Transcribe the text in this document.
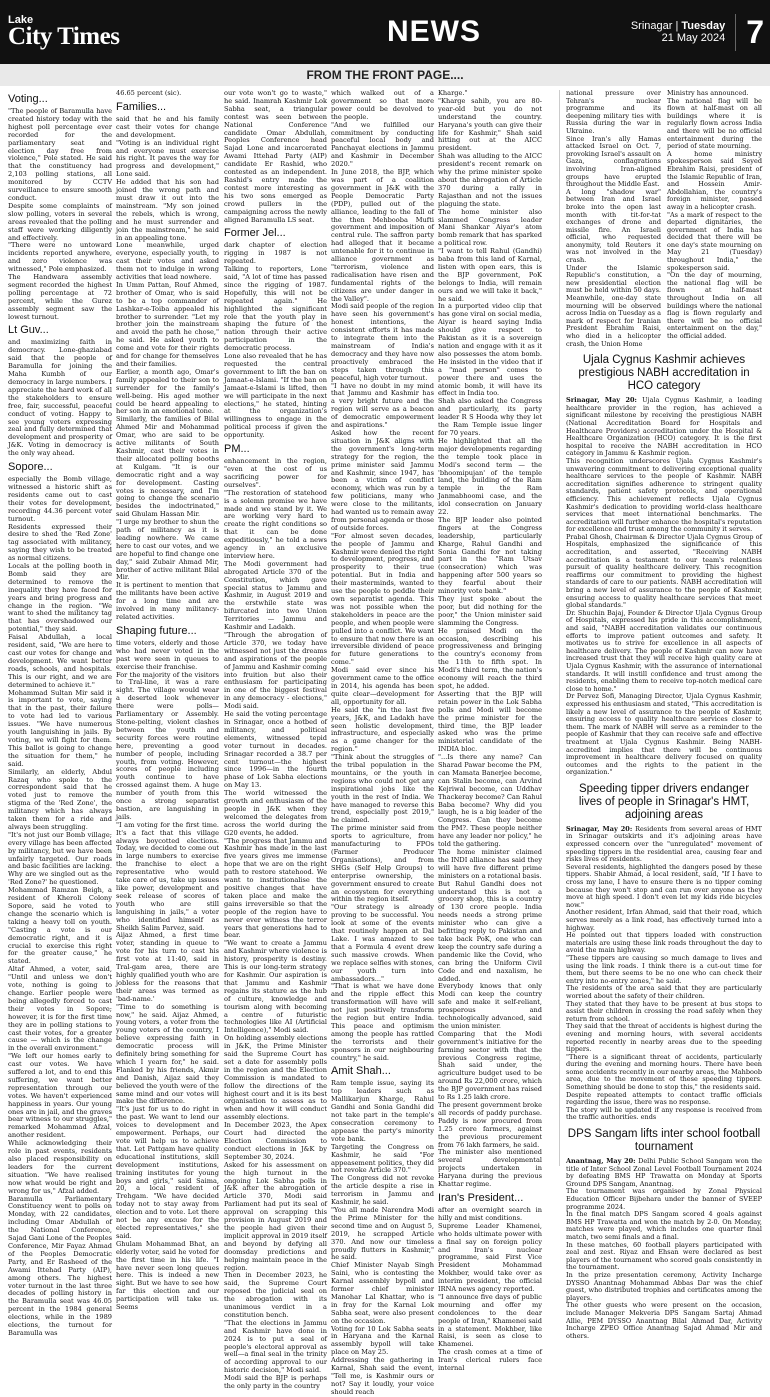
Lake
City Times	NEWS	Srinagar | Tuesday
21 May 2024 7
FROM THE FRONT PAGE....
Voting...

"The people of Baramulla have created history today with the highest poll percentage ever recorded for the parliamentary seat and election day free from violence," Pole stated. He said that the constituency had 2,103 polling stations, all monitored by CCTV surveillance to ensure smooth conduct.

Despite some complaints of slow polling, voters in several areas revealed that the polling staff were working diligently and effectively.

"There were no untoward incidents reported anywhere, and zero violence was witnessed," Pole emphasized.

The Handwara assembly segment recorded the highest polling percentage at 72 percent, while the Gurez assembly segment saw the lowest turnout.

Lt Guv...

and maximizing faith in democracy. Lone-ghaziabad said that the people of Baramulla for joining the Maha Kumbh of our democracy in large numbers. I appreciate the hard work of all the stakeholders to ensure free, fair, successful, peaceful conduct of voting. Happy to see young voters expressing zeal and fully determined that development and prosperity of J&K. Voting in democracy is the only way ahead.

Sopore...

especially the Bomb village, witnessed a historic shift as residents came out to cast their votes for development, recording 44.36 percent voter turnout.

Residents expressed their desire to shed the 'Red Zone' tag associated with militancy, saying they wish to be treated as normal citizens.

Locals at the polling booth in Bomb said they are determined to remove the inequality they have faced for years and bring progress and change in the region. "We want to shed the militancy tag that has overshadowed our potential," they said.

Faisal Abdullah, a local resident, said, "We are here to cast our votes for change and development. We want better roads, schools, and hospitals. This is our right, and we are determined to achieve it."

Mohammad Sultan Mir said it is important to vote, saying that in the past, their failure to vote had led to various issues. "We have numerous youth languishing in jails. By voting, we will fight for them. This ballot is going to change the situation for them," he said.

Similarly, an elderly, Abdul Razaq who spoke to the correspondent said that he voted just to remove the stigma of the 'Red Zone', the militancy which has always taken them for a ride and always been struggling.

"It's not just our Bomb village; every village has been affected by militancy, but we have been unfairly targeted. Our roads and basic facilities are lacking. Why are we singled out as the 'Red Zone?' he questioned.

Mohammad Ramzan Beigh, a resident of Kheroli Colony Sopore, said he voted to change the scenario which is taking a heavy toll on youth. "Casting a vote is our democratic right, and it is crucial to exercise this right for the greater cause," he stated.

Altaf Ahmed, a voter, said, "Until and unless we don't vote, nothing is going to change. Earlier people were being allegedly forced to cast their votes in Sopore; however, it is for the first time they are in polling stations to cast their votes, for a greater cause — which is the change in the overall environment."

"We left our homes early to cast our votes. We have suffered a lot, and to end this suffering, we want better representation through our votes. We haven't experienced happiness in years. Our young ones are in jail, and the graves bear witness to our struggles," remarked Mohammad Afzal, another resident.

While acknowledging their role in past events, residents also placed responsibility on leaders for the current situation. "We have realised now what would be right and wrong for us," Afzal added.

Baramulla Parliamentary Constituency went to polls on Monday, with 22 candidates, including Omar Abdullah of the National Conference, Sajad Gani Lone of the Peoples Conference, Mir Fayaz Ahmad of the Peoples Democratic Party, and Er Rasheed of the Awami Ittehad Party (AIP), among others. The highest voter turnout in the last three decades of polling history in the Baramulla seat was 46.05 percent in the 1984 general elections, while in the 1989 elections, the turnout for Baramulla was

46.65 percent (sic).

Families...

said that he and his family cast their votes for change and development.

"Voting is an individual right and everyone must exercise his right. It paves the way for progress and development," Lone said.

He added that his son had joined the wrong path and must draw it out into the mainstream. "My son joined the rebels, which is wrong, and he must surrender and join the mainstream," he said in an appealing tone.

Lone meanwhile, urged everyone, especially youth, to cast their votes and asked them not to indulge in wrong activities that lead nowhere.

In Umm Pattan, Rouf Ahmed, brother of Omar, who is said to be a top commander of Lashkar-e-Toiba appealed his brother to surrender. "Let my brother join the mainstream and avoid the path he chose," he said. He asked youth to come and vote for their rights and for change for themselves and their families.

Earlier, a month ago, Omar's family appealed to their son to surrender for the family's well-being. His aged mother could be heard appealing to her son in an emotional tone.

Similarly, the families of Bilal Ahmed Mir and Mohammad Omar, who are said to be active militants of South Kashmir, cast their votes in their allocated polling booths at Kulgam. "It is our democratic right and a way for development. Casting votes is necessary, and I'm going to change the scenario besides the indoctrinated," said Ghulam Hassan Mir.

"I urge my brother to shun the path of militancy as it is leading nowhere. We came here to cast our votes, and we are hopeful to find change one day," said Zubair Ahmad Mir, brother of active militant Bilal Mir.

It is pertinent to mention that the militants have been active for a long time and are involved in many militancy-related activities.

Shaping future...

time voters, elderly and those who had never voted in the past were seen in queues to exercise their franchise.

For the majority of the visitors to Tral-line, it was a rare sight. The village would wear a deserted look whenever there were polls—Parliamentary or Assembly. Stone-pelting, violent clashes between the youth and security forces were routine here, preventing a good number of people, including youth, from voting. However, scores of people including youth continue to have crossed against them. A huge number of youth from this once a strong separatist bastion, are languishing in jails.

"I am voting for the first time. It's a fact that this village always boycotted elections. Today, we decided to come out in large numbers to exercise the franchise to elect a representative who would take care of us, take up issues like power, development and seek release of scores of youth who are still languishing in jails," a voter who identified himself as Sheikh Salim Parvez, said.

Aijaz Ahmed, a first time voter, standing in queue to vote for his turn to cast his first vote at 11:40, said in Tral-gam area, there are highly qualified youth who are jobless for the reasons that their areas was termed as 'bad-name.'

"Time to do something is now," he said. Aijaz Ahmed, young voters, a voter from the young voters of the country, I believe expressing faith in democratic process will definitely bring something for which I yearn for," he said. Flanked by his friends, Akmir and Danish, Aijaz said they believed the youth were of the same mind and our votes will make the difference.

"It's just for us to do right in the past. We want to lend our voices to development and empowerment. Perhaps, our vote will help us to achieve that. Let Pattgam have quality educational institutions, skill development institutions, training institutes for young boys and girls," said Saima, 20, a local resident of Trehgam. "We have decided today not to stay away from election and to vote. Let there not be any excuse for the elected representatives," she said.

Ghulam Mohammad Bhat, an elderly voter, said he voted for the first time in his life. "I have never seen long queues here. This is indeed a new sight. But we have to see how far this election and our participation will take us. Seems

our vote won't go to waste," he said. Inamrah Kashmir Lok Sabha seat, a triangular contest was seen between National Conference candidate Omar Abdullah, Peoples Conference head Sajad Lone and incarcerated Awami Ittehad Party (AIP) candidate Er Rashid, who contested as an independent. Rashid's entry made the contest more interesting as his two sons emerged as crowd pullers in the campaigning across the newly aligned Baramulla LS seat.

Former Jel...

dark chapter of election rigging in 1987 is not repeated.

Talking to reporters, Lone said, "A lot of time has passed since the rigging of 1987. Hopefully, this will not be repeated again." He highlighted the significant role that the youth play in shaping the future of the nation through their active participation in the democratic process.

Lone also revealed that he has requested the central government to lift the ban on Jamaat-e-Islami. "If the ban on Jamaat-e-Islami is lifted, then we will participate in the next elections," he stated, hinting at the organization's willingness to engage in the political process if given the opportunity.

PM...

enhancement in the region, "even at the cost of us sacrificing power for ourselves".

"The restoration of statehood is a solemn promise we have made and we stand by it. We are working very hard to create the right conditions so that it can be done expeditiously," he told a news agency in an exclusive interview here.

The Modi government had abrogated Article 370 of the Constitution, which gave special status to Jammu and Kashmir, in August 2019 and the erstwhile state was bifurcated into two Union Territories — Jammu and Kashmir and Ladakh.

"Through the abrogation of Article 370, we today have witnessed not just the dreams and aspirations of the people of Jammu and Kashmir coming into fruition but also their enthusiasm for participating in one of the biggest festival in any democracy - elections," Modi said.

He said the voting percentage in Srinagar, once a hotbed of militancy, and political elements, witnessed tepid voter turnout in decades. Srinagar recorded a 38.7 per cent turnout—the highest since 1996—in the fourth phase of Lok Sabha elections on May 13.

The world witnessed the growth and enthusiasm of the people in J&K when they welcomed the delegates from across the world during the G20 events, he added.

"The progress that Jammu and Kashmir has made in the last five years gives me immense hope that we are on the right path to restore statehood. We want to institutionalise the positive changes that have taken place and make the gains irreversible so that the people of the region have to never ever witness the terror years that generations had to bear.

"We want to create a Jammu and Kashmir where violence is history, prosperity is destiny. This is our long-term strategy for Kashmir. Our aspiration is that Jammu and Kashmir regains its stature as the hub of culture, knowledge and tourism along with becoming a centre of futuristic technologies like AI (Artificial Intelligence)," Modi said.

On holding assembly elections in J&K, the Prime Minister said the Supreme Court has set a date for assembly polls in the region and the Election Commission is mandated to follow the directions of the highest court and it is its best organisation to assess as to when and how it will conduct assembly elections.

In December 2023, the Apex Court had directed the Election Commission to conduct elections in J&K by September 30, 2024.

Asked for his assessment on the high turnout in the ongoing Lok Sabha polls in J&K after the abrogation of Article 370, Modi said Parliament had put its seal of approval on scrapping this provision in August 2019 and the people had given their implicit approval in 2019 itself and beyond by defying all doomsday predictions and helping maintain peace in the region.

Then in December 2023, he said, the Supreme Court reposed the judicial seal on the abrogation with its unanimous verdict in a constitution bench.

"That the elections in Jammu and Kashmir have done in 2024 is to put a seal of people's electoral approval as well—a final seal in the trinity of according approval to our historic decision," Modi said.

Modi said the BJP is perhaps the only party in the country

which walked out of a government so that more power could be devolved to the people.

"And we fulfilled our commitment by conducting peaceful local body and Panchayat elections in Jammu and Kashmir in December 2020."

In June 2018, the BJP, which was part of a coalition government in J&K with the People Democratic Party (PDP), pulled out of the alliance, leading to the fall of the then Mehbooba Mufti government and imposition of central rule. The saffron party had alleged that it became untenable for it to continue in alliance government as "terrorism, violence and radicalisation have risen and fundamental rights of the citizens are under danger in the Valley".

Modi said people of the region have seen his government's honest intentions, the consistent efforts it has made to integrate them into the mainstream of India's democracy and they have now proactively embraced the steps taken through this peaceful, high voter turnout.

"I have no doubt in my mind that Jammu and Kashmir has a very bright future and the region will serve as a beacon of democratic empowerment and aspirations."

Asked how the recent situation in J&K aligns with the government's long-term strategy for the region, the prime minister said Jammu and Kashmir, since 1947, has been a victim of conflict economy, which was run by a few politicians, many who were close to the militants, had wanted us to remain away from personal agenda or those of outside forces.

"For almost seven decades, the people of Jammu and Kashmir were denied the right to development, progress, and prosperity to their true potential. But in India and their masterminds, wanted to use the people to peddle their own separatist agenda. This was not possible when the stakeholders in peace are the people, and when people were pulled into a conflict. We want to ensure that now there is an irreversible dividend of peace for future generations to come."

Modi said ever since his government came to the office in 2014, his agenda has been quite clear—development for all, opportunity for all.

He said the "in the last five years, J&K, and Ladakh have seen holistic development, infrastructure, and especially as a game changer for the region."

"Think about the struggles of the tribal population in the mountains, or the youth in regions who could not get any inspirational jobs like the youth in the rest of India. We have managed to reverse this trend, especially post 2019," he claimed.

The prime minister said from sports to agriculture, from manufacturing to FPOs (Farmer Producer Organisations), and from SHGs (Self Help Groups) to enterprise ownership, the government ensured to create an ecosystem for everything within the region itself.

"Our strategy is already proving to be successful. You look at some of the events that routinely happen at Dal Lake. I was amazed to see that a Formula 4 event drew such massive crowds. When we replace selfies with stones, our youth turn into ambassadors..."

"That is what we have done and the ripple effect this transformation will have will not just positively transform the region but entire India. This peace and optimism among the people has rattled the terrorists and their sponsors in our neighbouring country," he said.

Amit Shah...

Ram temple issue, saying its top leaders such as Mallikarjun Kharge, Rahul Gandhi and Sonia Gandhi did not take part in the temple's consecration ceremony to appease the party's minority vote bank.

Targeting the Congress on Kashmir, he said "For appeasement politics, they did not revoke Article 370."

The Congress did not revoke the article despite a rise in terrorism in Jammu and Kashmir, he said.

"You all made Narendra Modi the Prime Minister for the second time and on August 5, 2019, he scrapped Article 370. And now our timeless proudly flutters in Kashmir," he said.

Chief Minister Nayab Singh Saini, who is contesting the Karnal assembly bypoll and former chief minister Manohar Lal Khattar, who is in fray for the Karnal Lok Sabha seat, were also present on the occasion.

Voting for 10 Lok Sabha seats in Haryana and the Karnal assembly bypoll will take place on May 25.

Addressing the gathering in Karnal, Shah said the event, "Tell me, is Kashmir ours or not? Say it loudly, your voice should reach

Kharge."

"Kharge sahib, you are 80-year-old but you do not understand the country. Haryana's youth can give their life for Kashmir," Shah said hitting out at the AICC president.

Shah was alluding to the AICC president's recent remark on why the prime minister spoke about the abrogation of Article 370 during a rally in Rajasthan and not the issues plaguing the state.

The home minister also slammed Congress leader Mani Shankar Aiyar's atom bomb remark that has sparked a political row.

"I want to tell Rahul (Gandhi) baba from this land of Karnal, listen with open ears, this is the BJP government, PoK belongs to India, will remain ours and we will take it back," he said.

In a purported video clip that has gone viral on social media, Aiyar is heard saying India should give respect to Pakistan as it is a sovereign nation and engage with it as it also possesses the atom bomb. He insisted in the video that if a "mad person" comes to power there and uses the atomic bomb, it will have its effect in India too.

Shah also asked the Congress and particularly, its party leader R S Hooda why they let the Ram Temple issue linger for 70 years.

He highlighted that all the major developments regarding the temple took place in Modi's second term — the 'bhoomipujan' of the temple land, the building of the Ram temple in the Ram Janmabhoomi case, and the idol consecration on January 22.

The BJP leader also pointed fingers at the Congress leadership, particularly Kharge, Rahul Gandhi and Sonia Gandhi for not taking part in the "Ram Utsav (consecration) which was happening after 500 years so they fearful about their minority vote bank."

They just spoke about the poor, but did nothing for the poor," the Union minister said slamming the Congress.

He praised Modi on the occasion, describing his progressiveness and bringing the country's economy from the 11th to fifth spot. In Modi's third term, the nation's economy will reach the third spot, he added.

Asserting that the BJP will retain power in the Lok Sabha polls and Modi will become the prime minister for the third time, the BJP leader asked who was the prime ministerial candidate of the INDIA bloc.

"...Is there any name? Can Sharad Pawar become the PM, can Mamata Banerjee become, can Stalin become, can Arvind Kejriwal become, can Uddhav Thackeray become? Can Rahul Baba become? Why did you laugh, he is a big leader of the Congress. Can they become the PM?. These people neither have any leader nor policy," he told the gathering.

The home minister claimed the INDI alliance has said they will have five different prime ministers on a rotational basis.

But Rahul Gandhi does not understand this is not a grocery shop, this is a country of 130 crore people. India needs needs a strong prime minister who can give a befitting reply to Pakistan and take back PoK, one who can keep the country safe during a pandemic like the Covid, who can bring the Uniform Civil Code and end naxalism, he added.

Everybody knows that only Modi can keep the country safe and make it self-reliant, prosperous and technologically advanced, said the union minister.

Comparing that the Modi government's initiative for the farming sector with that the previous Congress regime, Shah said under, the agriculture budget used to be around Rs 22,000 crore, which the BJP government has raised to Rs 1.25 lakh crore.

The present government broke all records of paddy purchase. Paddy is now procured from 1.25 crore farmers, against the previous procurement from 76 lakh farmers, he said.

The minister also mentioned several developmental projects undertaken in Haryana during the previous Khattar regime.

Iran's President...

after an overnight search in hilly and mist conditions.

Supreme Leader Khamenei, who holds ultimate power with a final say on foreign policy and Iran's nuclear programme, said First Vice President Mohammad Mokhber, would take over as interim president, the official IRNA news agency reported.

"I announce five days of public mourning and offer my condolences to the dear people of Iran," Khamenei said in a statement. Mokhber, like Raisi, is seen as close to Khamenei.

The crash comes at a time of Iran's clerical rulers face internal

national pressure over Tehran's nuclear programme and its deepening military ties with Russia during the war in Ukraine.

Since Iran's ally Hamas attacked Israel on Oct. 7, provoking Israel's assault on Gaza, conflagrations involving Iran-aligned groups have erupted throughout the Middle East.

A long "shadow war" between Iran and Israel broke into the open last month with tit-for-tat exchanges of drone and missile fire. An Israeli official, who requested anonymity, told Reuters it was not involved in the crash.

Under the Islamic Republic's constitution, a new presidential election must be held within 50 days.

Meanwhile, one-day state mourning will be observed across India on Tuesday as a mark of respect for Iranian President Ebrahim Raisi, who died in a helicopter crash, the Union Home

Ministry has announced.

The national flag will be flown at half-mast on all buildings where it is regularly flown across India and there will be no official entertainment during the period of state mourning.

A home ministry spokesperson said Seyed Ebrahim Raisi, president of the Islamic Republic of Iran, and Hossein Amir-Abdollahian, the country's foreign minister, passed away in a helicopter crash.

"As a mark of respect to the departed dignitaries, the government of India has decided that there will be one day's state mourning on May 21 (Tuesday) throughout India," the spokesperson said.

"On the day of mourning, the national flag will be flown at half-mast throughout India on all buildings where the national flag is flown regularly and there will be no official entertainment on the day," the official added.

Ujala Cygnus Kashmir achieves prestigious NABH accreditation in HCO category

Srinagar, May 20: Ujala Cygnus Kashmir, a leading healthcare provider in the region, has achieved a significant milestone by receiving the prestigious NABH (National Accreditation Board for Hospitals and Healthcare Providers) accreditation under the Hospital & Healthcare Organization (HCO) category. It is the first hospital to receive the NABH accreditation in HCO category in Jammu & Kashmir region.

This recognition underscores Ujala Cygnus Kashmir's unwavering commitment to delivering exceptional quality healthcare services to the people of Kashmir. NABH accreditation signifies adherence to stringent quality standards, patient safety protocols, and operational efficiency. This achievement reflects Ujala Cygnus Kashmir's dedication to providing world-class healthcare services that meet international benchmarks. The accreditation will further enhance the hospital's reputation for excellence and trust among the community it serves.

Prabal Ghosh, Chairman & Director Ujala Cygnus Group of Hospitals, emphasized the significance of this accreditation, and asserted, "Receiving NABH accreditation is a testament to our team's relentless pursuit of quality healthcare delivery. This recognition reaffirms our commitment to providing the highest standards of care to our patients. NABH accreditation will bring a new level of assurance to the people of Kashmir, ensuring access to quality healthcare services that meet global standards."

Dr. Shuchin Bajaj, Founder & Director Ujala Cygnus Group of Hospitals, expressed his pride in this accomplishment, and said, "NABH accreditation validates our continuous efforts to improve patient outcomes and safety. It motivates us to strive for excellence in all aspects of healthcare delivery. The people of Kashmir can now have increased trust that they will receive high quality care at Ujala Cygnus Kashmir, with the assurance of international standards. It will instill confidence and trust among the residents, enabling them to receive top-notch medical care close to home."

Dr Pervez Sofi, Managing Director, Ujala Cygnus Kashmir, expressed his enthusiasm and stated, "This accreditation is likely a new level of assurance to the people of Kashmir, ensuring access to quality healthcare services closer to them. The mark of NABH will serve as a reminder to the people of Kashmir that they can receive safe and effective treatment at Ujala Cygnus Kashmir. Being NABH-accredited implies that there will be continuous improvement in healthcare delivery focused on quality outcomes and the rights to the patient in the organization."

Speeding tipper drivers endanger lives of people in Srinagar's HMT, adjoining areas

Srinagar, May 20: Residents from several areas of HMT in Srinagar outskirts and it's adjoining areas have expressed concern over the "unregulated" movement of speeding tippers in the residential area, causing fear and risks lives of residents.

Several residents, highlighted the dangers posed by these tippers. Shabir Ahmad, a local resident, said, "If I have to cross my lane, I have to ensure there is no tipper coming because they won't stop and can run over anyone as they move at high speed. I don't even let my kids ride bicycles now."

Another resident, Irfan Ahmad, said that their road, which serves merely as a link road, has effectively turned into a highway.

He pointed out that tippers loaded with construction materials are using these link roads throughout the day to avoid the main highway.

"These tippers are causing so much damage to lives and using the link roads. I think there is a cut-out time for them, but there seems to be no one who can check their entry into no-entry zones," he said.

The residents of the area said that they are particularly worried about the safety of their children.

They stated that they have to be present at bus stops to assist their children in crossing the road safely when they return from school.

They said that the threat of accidents is highest during the evening and morning hours, with several accidents reported recently in nearby areas due to the speeding tippers.

"There is a significant threat of accidents, particularly during the evening and morning hours. There have been some accidents recently in our nearby areas, the Mahboob area, due to the movement of these speeding tippers. Something should be done to stop this," the residents said.

Despite repeated attempts to contact traffic officials regarding the issue, there was no response.

The story will be updated if any response is received from the traffic authorities. ends

DPS Sangam lifts inter school football tournament

Anantnag, May 20: Delhi Public School Sangam won the title of Inter School Zonal Level Football Tournament 2024 by defeating BMS HP Trawatta on Monday at Sports Ground DPS Sangam, Anantnag.

The tournament was organised by Zonal Physical Education Officer Bijbehara under the banner of SVEEP programme 2024.

In the final match DPS Sangam scored 4 goals against BMS HP Trawatta and won the match by 2-0. On Monday, matches were played, which includes one quarter final match, two semi finals and a final.

In these matches, 60 football players participated with zeal and zest. Riyaz and Ehsan were declared as best players of the tournament who scored goals consistently in the tournament.

In the prize presentation ceremony, Activity Incharge DYSSO Anantnag Mohammad Abbas Dar was the chief guest, who distributed trophies and certificates among the players.

The other guests who were present on the occasion, include Manager Mekveria DPS Sangam Sartaj Ahmad Allie, PEM DYSSO Anantnag Bilal Ahmad Dar, Activity Incharge ZPEO Office Anantnag Sajad Ahmad Mir and others.
